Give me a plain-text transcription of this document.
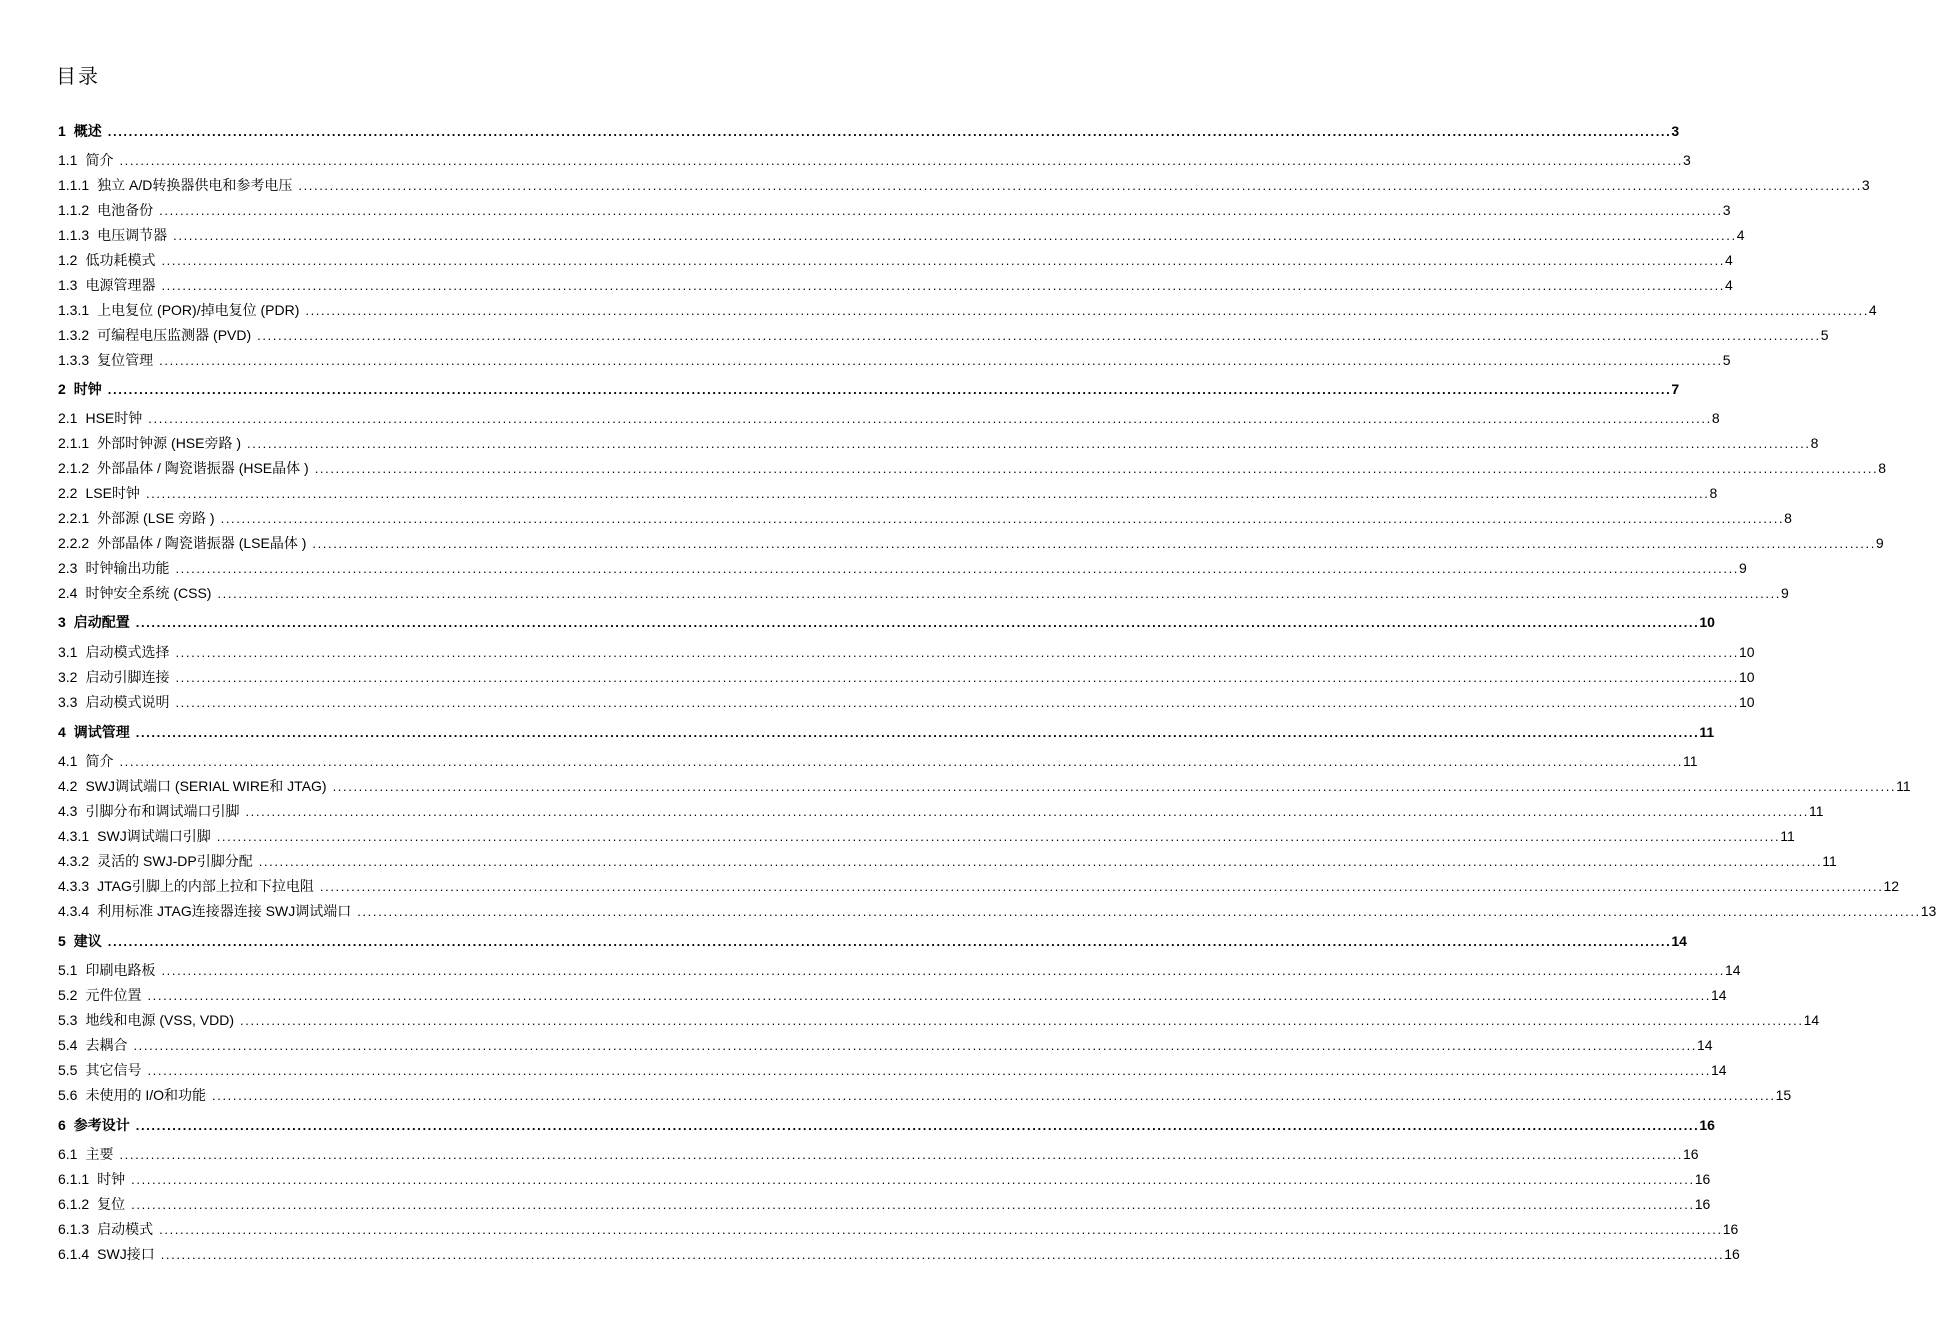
目录
1 概述 ............................................................................................................................................................................................................................................................................................................ 3
1.1 简介 ............................................................................................................................................................................................................................................................................................................ 3
1.1.1 独立 A/D转换器供电和参考电压 ............................................................................................................................................................................................................................................................................................................ 3
1.1.2 电池备份 ............................................................................................................................................................................................................................................................................................................ 3
1.1.3 电压调节器 ............................................................................................................................................................................................................................................................................................................ 4
1.2 低功耗模式 ............................................................................................................................................................................................................................................................................................................ 4
1.3 电源管理器 ............................................................................................................................................................................................................................................................................................................ 4
1.3.1 上电复位 (POR)/掉电复位 (PDR) ............................................................................................................................................................................................................................................................................................................ 4
1.3.2 可编程电压监测器 (PVD) ............................................................................................................................................................................................................................................................................................................ 5
1.3.3 复位管理 ............................................................................................................................................................................................................................................................................................................ 5
2 时钟 ............................................................................................................................................................................................................................................................................................................ 7
2.1 HSE时钟 ............................................................................................................................................................................................................................................................................................................ 8
2.1.1 外部时钟源 (HSE旁路 ) ............................................................................................................................................................................................................................................................................................................ 8
2.1.2 外部晶体 / 陶瓷谐振器 (HSE晶体 ) ............................................................................................................................................................................................................................................................................................................ 8
2.2 LSE时钟 ............................................................................................................................................................................................................................................................................................................ 8
2.2.1 外部源 (LSE 旁路 ) ............................................................................................................................................................................................................................................................................................................ 8
2.2.2 外部晶体 / 陶瓷谐振器 (LSE晶体 ) ............................................................................................................................................................................................................................................................................................................ 9
2.3 时钟输出功能 ............................................................................................................................................................................................................................................................................................................ 9
2.4 时钟安全系统 (CSS) ............................................................................................................................................................................................................................................................................................................ 9
3 启动配置 ............................................................................................................................................................................................................................................................................................................ 10
3.1 启动模式选择 ............................................................................................................................................................................................................................................................................................................ 10
3.2 启动引脚连接 ............................................................................................................................................................................................................................................................................................................ 10
3.3 启动模式说明 ............................................................................................................................................................................................................................................................................................................ 10
4 调试管理 ............................................................................................................................................................................................................................................................................................................ 11
4.1 简介 ............................................................................................................................................................................................................................................................................................................ 11
4.2 SWJ调试端口 (SERIAL WIRE和 JTAG) ............................................................................................................................................................................................................................................................................................................ 11
4.3 引脚分布和调试端口引脚 ............................................................................................................................................................................................................................................................................................................ 11
4.3.1 SWJ调试端口引脚 ............................................................................................................................................................................................................................................................................................................ 11
4.3.2 灵活的 SWJ-DP引脚分配 ............................................................................................................................................................................................................................................................................................................ 11
4.3.3 JTAG引脚上的内部上拉和下拉电阻 ............................................................................................................................................................................................................................................................................................................ 12
4.3.4 利用标准 JTAG连接器连接 SWJ调试端口 ............................................................................................................................................................................................................................................................................................................ 13
5 建议 ............................................................................................................................................................................................................................................................................................................ 14
5.1 印刷电路板 ............................................................................................................................................................................................................................................................................................................ 14
5.2 元件位置 ............................................................................................................................................................................................................................................................................................................ 14
5.3 地线和电源 (VSS, VDD) ............................................................................................................................................................................................................................................................................................................ 14
5.4 去耦合 ............................................................................................................................................................................................................................................................................................................ 14
5.5 其它信号 ............................................................................................................................................................................................................................................................................................................ 14
5.6 未使用的 I/O和功能 ............................................................................................................................................................................................................................................................................................................ 15
6 参考设计 ............................................................................................................................................................................................................................................................................................................ 16
6.1 主要 ............................................................................................................................................................................................................................................................................................................ 16
6.1.1 时钟 ............................................................................................................................................................................................................................................................................................................ 16
6.1.2 复位 ............................................................................................................................................................................................................................................................................................................ 16
6.1.3 启动模式 ............................................................................................................................................................................................................................................................................................................ 16
6.1.4 SWJ接口 ............................................................................................................................................................................................................................................................................................................ 16
